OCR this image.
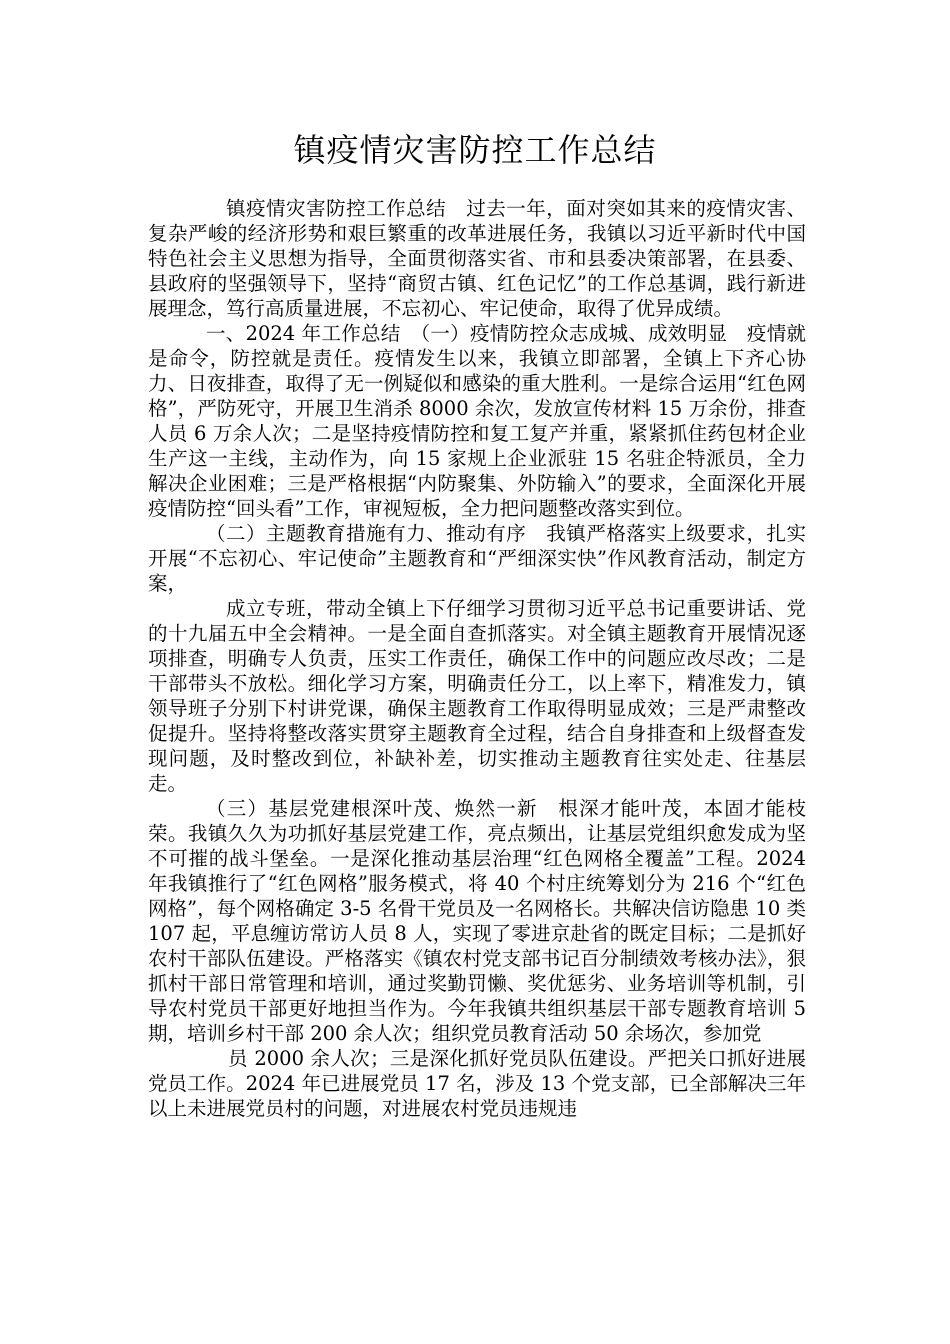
镇疫情灾害防控工作总结

镇疫情灾害防控工作总结　过去一年，面对突如其来的疫情灾害、复杂严峻的经济形势和艰巨繁重的改革进展任务，我镇以习近平新时代中国特色社会主义思想为指导，全面贯彻落实省、市和县委决策部署，在县委、县政府的坚强领导下，坚持“商贸古镇、红色记忆”的工作总基调，践行新进展理念，笃行高质量进展，不忘初心、牢记使命，取得了优异成绩。

一、2024 年工作总结　（一）疫情防控众志成城、成效明显　疫情就是命令，防控就是责任。疫情发生以来，我镇立即部署，全镇上下齐心协力、日夜排查，取得了无一例疑似和感染的重大胜利。一是综合运用“红色网格”，严防死守，开展卫生消杀 8000 余次，发放宣传材料 15 万余份，排查人员 6 万余人次；二是坚持疫情防控和复工复产并重，紧紧抓住药包材企业生产这一主线，主动作为，向 15 家规上企业派驻 15 名驻企特派员，全力解决企业困难；三是严格根据“内防聚集、外防输入”的要求，全面深化开展疫情防控“回头看”工作，审视短板，全力把问题整改落实到位。

（二）主题教育措施有力、推动有序　我镇严格落实上级要求，扎实开展“不忘初心、牢记使命”主题教育和“严细深实快”作风教育活动，制定方案，

成立专班，带动全镇上下仔细学习贯彻习近平总书记重要讲话、党的十九届五中全会精神。一是全面自查抓落实。对全镇主题教育开展情况逐项排查，明确专人负责，压实工作责任，确保工作中的问题应改尽改；二是干部带头不放松。细化学习方案，明确责任分工，以上率下，精准发力，镇领导班子分别下村讲党课，确保主题教育工作取得明显成效；三是严肃整改促提升。坚持将整改落实贯穿主题教育全过程，结合自身排查和上级督查发现问题，及时整改到位，补缺补差，切实推动主题教育往实处走、往基层走。

（三）基层党建根深叶茂、焕然一新　根深才能叶茂，本固才能枝荣。我镇久久为功抓好基层党建工作，亮点频出，让基层党组织愈发成为坚不可摧的战斗堡垒。一是深化推动基层治理“红色网格全覆盖”工程。2024 年我镇推行了“红色网格”服务模式，将 40 个村庄统筹划分为 216 个“红色网格”，每个网格确定 3-5 名骨干党员及一名网格长。共解决信访隐患 10 类 107 起，平息缠访常访人员 8 人，实现了零进京赴省的既定目标；二是抓好农村干部队伍建设。严格落实《镇农村党支部书记百分制绩效考核办法》，狠抓村干部日常管理和培训，通过奖勤罚懒、奖优惩劣、业务培训等机制，引导农村党员干部更好地担当作为。今年我镇共组织基层干部专题教育培训 5 期，培训乡村干部 200 余人次；组织党员教育活动 50 余场次，参加党

员 2000 余人次；三是深化抓好党员队伍建设。严把关口抓好进展党员工作。2024 年已进展党员 17 名，涉及 13 个党支部，已全部解决三年以上未进展党员村的问题，对进展农村党员违规违
